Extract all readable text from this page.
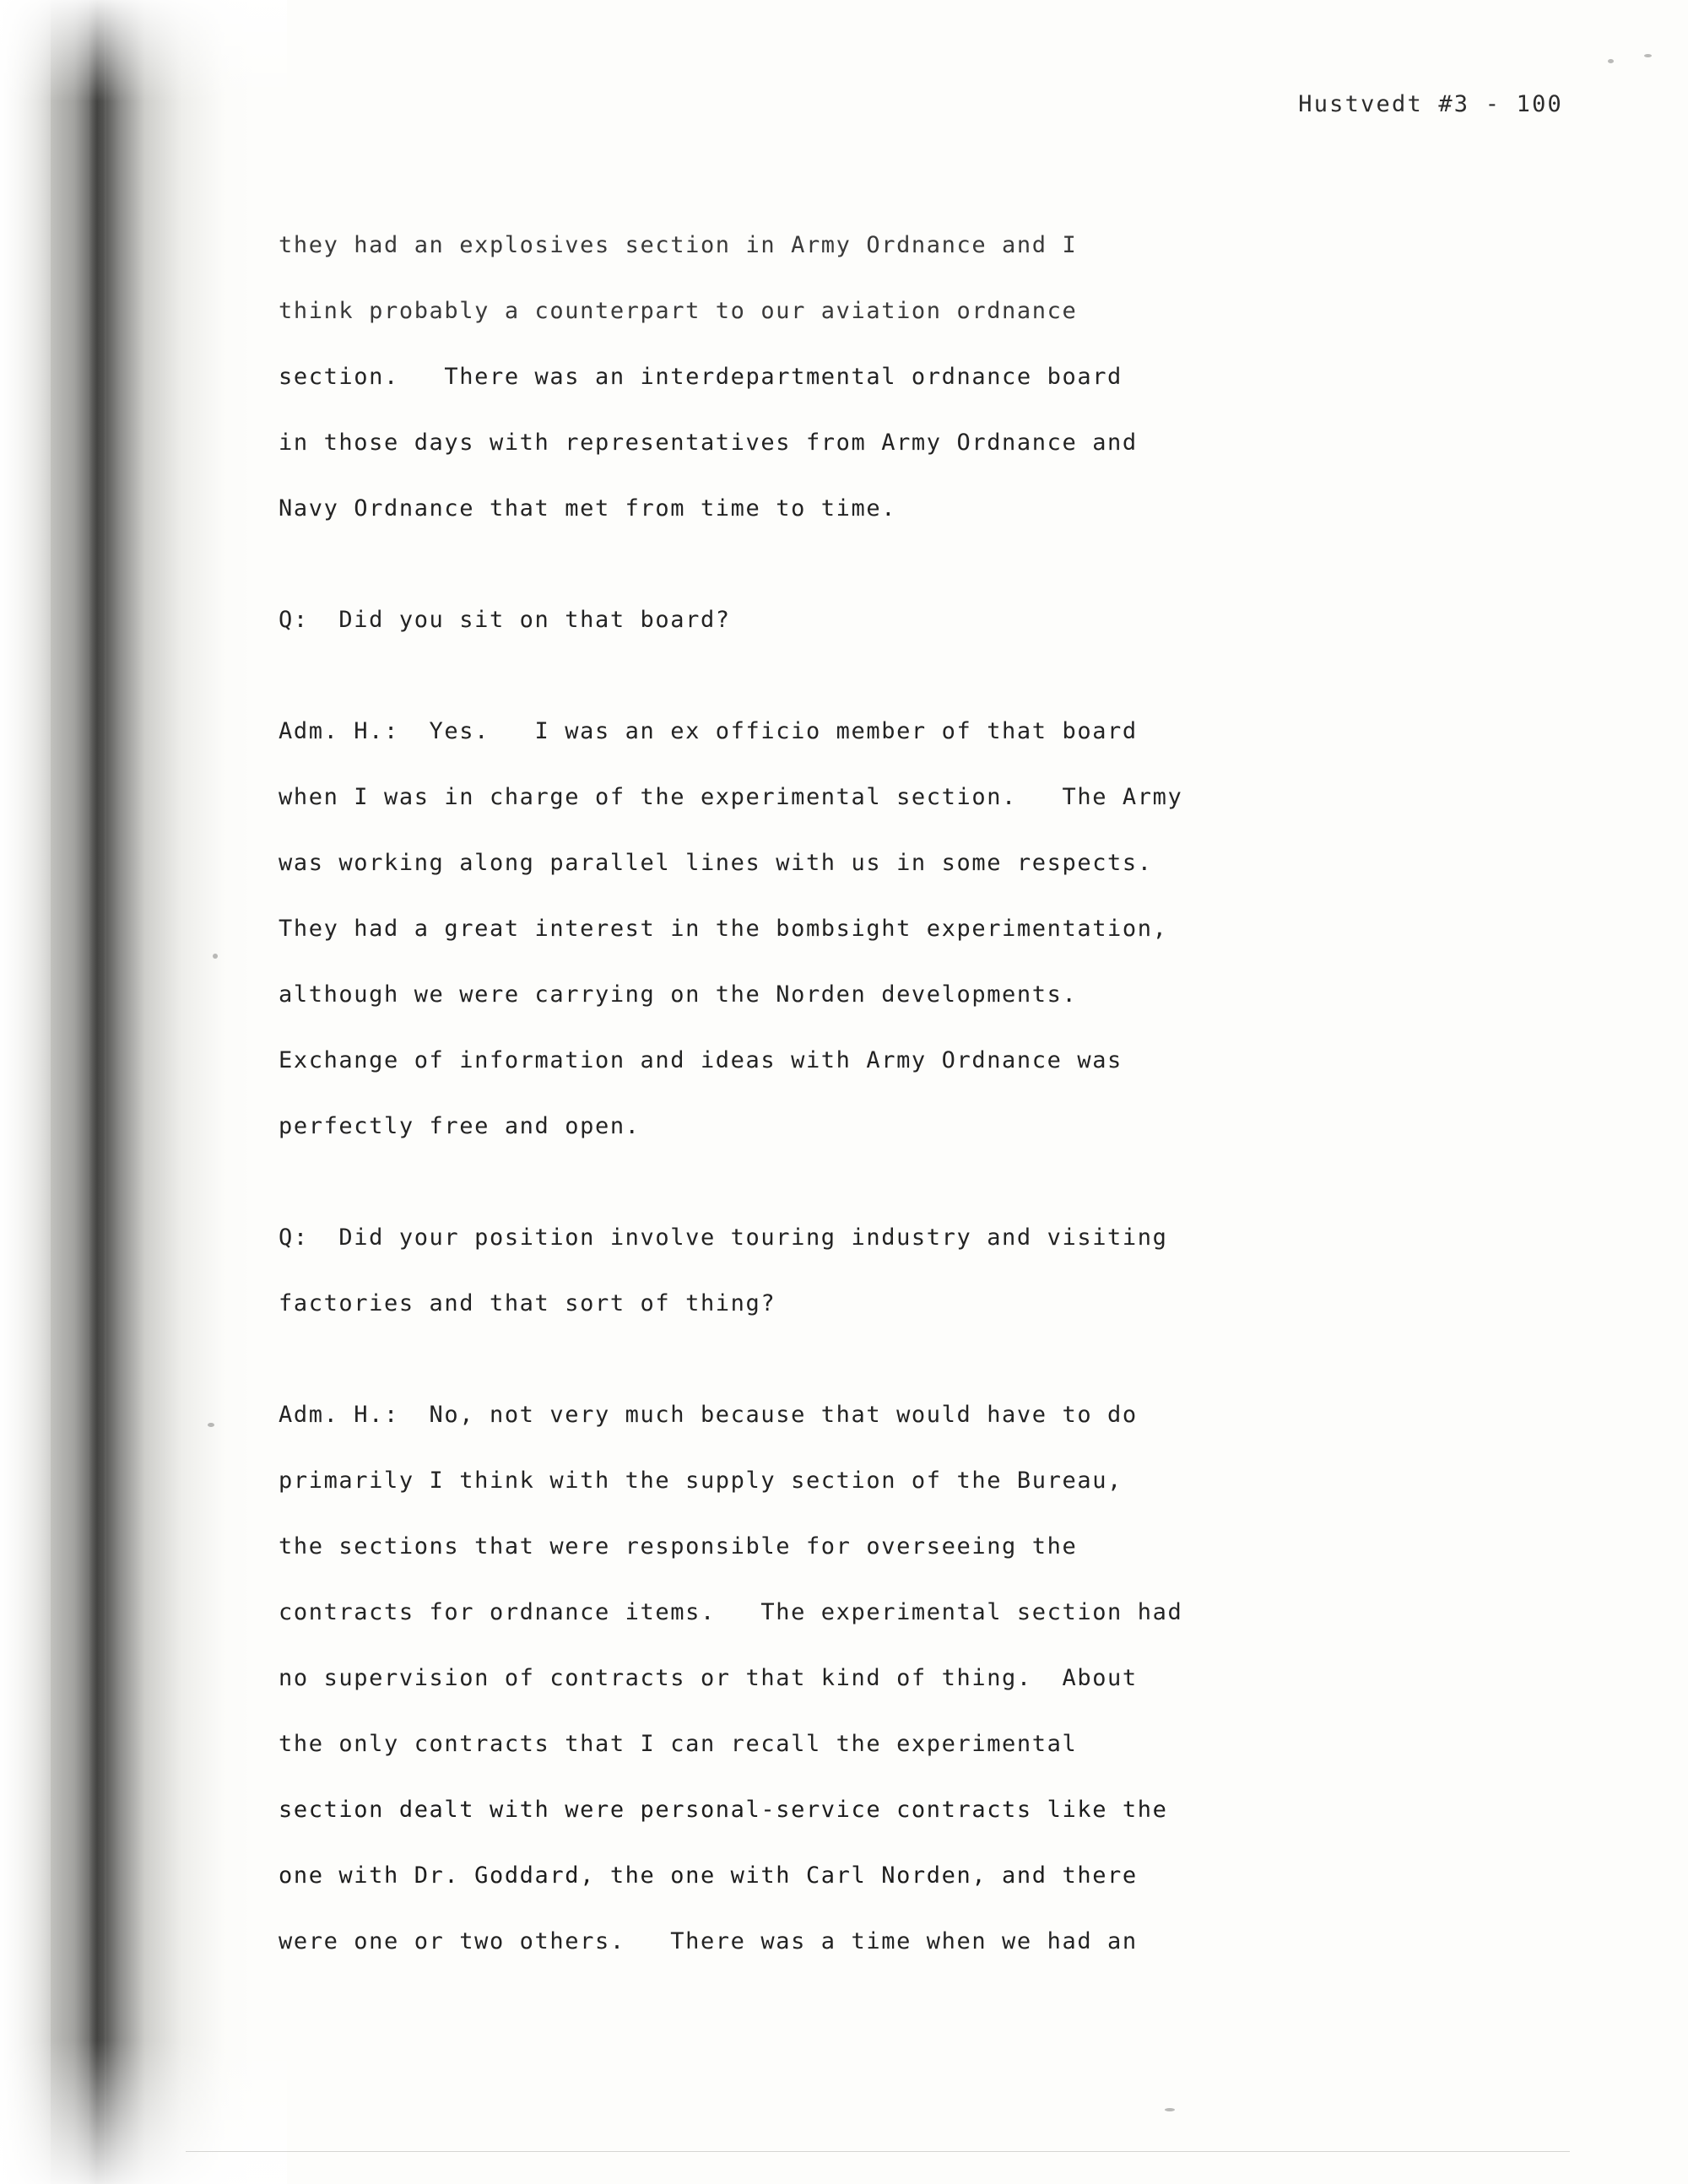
Hustvedt #3 - 100
they had an explosives section in Army Ordnance and I
think probably a counterpart to our aviation ordnance
section.   There was an interdepartmental ordnance board
in those days with representatives from Army Ordnance and
Navy Ordnance that met from time to time.
Q:  Did you sit on that board?
Adm. H.:  Yes.   I was an ex officio member of that board
when I was in charge of the experimental section.   The Army
was working along parallel lines with us in some respects.
They had a great interest in the bombsight experimentation,
although we were carrying on the Norden developments.
Exchange of information and ideas with Army Ordnance was
perfectly free and open.
Q:  Did your position involve touring industry and visiting
factories and that sort of thing?
Adm. H.:  No, not very much because that would have to do
primarily I think with the supply section of the Bureau,
the sections that were responsible for overseeing the
contracts for ordnance items.   The experimental section had
no supervision of contracts or that kind of thing.  About
the only contracts that I can recall the experimental
section dealt with were personal-service contracts like the
one with Dr. Goddard, the one with Carl Norden, and there
were one or two others.   There was a time when we had an
